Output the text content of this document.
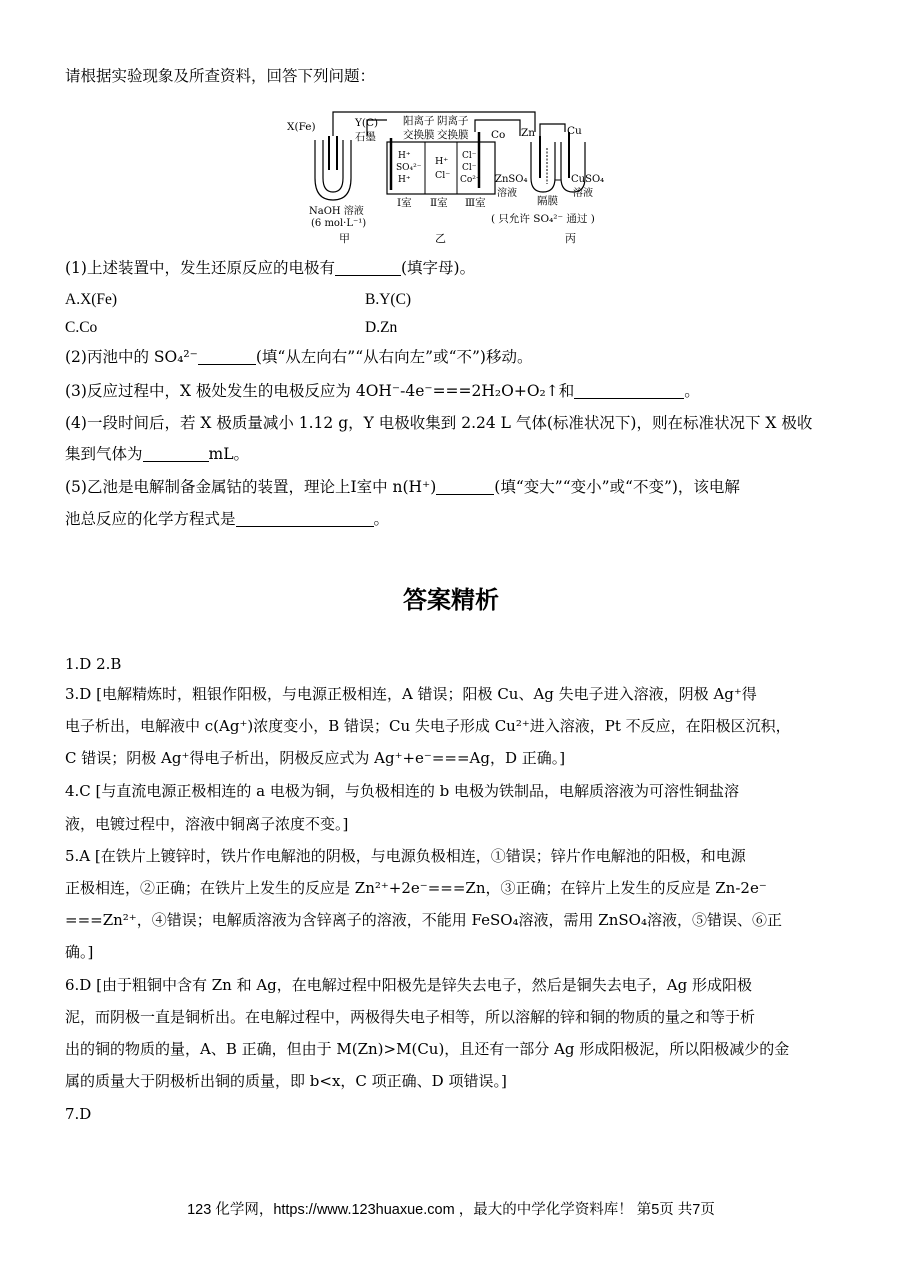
请根据实验现象及所查资料，回答下列问题：
X(Fe)	Y(C)
石墨
NaOH 溶液
(6 mol·L⁻¹)
甲
阳离子 阴离子
交换膜 交换膜
H⁺
SO₄²⁻
H⁺
H⁺
Cl⁻
Cl⁻
Cl⁻
Co²⁺
Ⅰ室 Ⅱ室 Ⅲ室
乙
Co Zn	Cu
ZnSO₄
溶液
隔膜
CuSO₄
溶液
( 只允许 SO₄²⁻ 通过 )
丙
(1)上述装置中，发生还原反应的电极有	(填字母)。
A.X(Fe)	B.Y(C)
C.Co	D.Zn
(2)丙池中的 SO₄²⁻	(填“从左向右”“从右向左”或“不”)移动。
(3)反应过程中，X 极处发生的电极反应为 4OH⁻-4e⁻===2H₂O+O₂↑和	。
(4)一段时间后，若 X 极质量减小 1.12 g，Y 电极收集到 2.24 L 气体(标准状况下)，则在标准状况下 X 极收
集到气体为	mL。
(5)乙池是电解制备金属钴的装置，理论上Ⅰ室中 n(H⁺)	(填“变大”“变小”或“不变”)，该电解
池总反应的化学方程式是	。
答案精析
1.D 2.B
3.D [电解精炼时，粗银作阳极，与电源正极相连，A 错误；阳极 Cu、Ag 失电子进入溶液，阴极 Ag⁺得
电子析出，电解液中 c(Ag⁺)浓度变小，B 错误；Cu 失电子形成 Cu²⁺进入溶液，Pt 不反应，在阳极区沉积，
C 错误；阴极 Ag⁺得电子析出，阴极反应式为 Ag⁺+e⁻===Ag，D 正确。]
4.C [与直流电源正极相连的 a 电极为铜，与负极相连的 b 电极为铁制品，电解质溶液为可溶性铜盐溶
液，电镀过程中，溶液中铜离子浓度不变。]
5.A [在铁片上镀锌时，铁片作电解池的阴极，与电源负极相连，①错误；锌片作电解池的阳极，和电源
正极相连，②正确；在铁片上发生的反应是 Zn²⁺+2e⁻===Zn，③正确；在锌片上发生的反应是 Zn-2e⁻
===Zn²⁺，④错误；电解质溶液为含锌离子的溶液，不能用 FeSO₄溶液，需用 ZnSO₄溶液，⑤错误、⑥正
确。]
6.D [由于粗铜中含有 Zn 和 Ag，在电解过程中阳极先是锌失去电子，然后是铜失去电子，Ag 形成阳极
泥，而阴极一直是铜析出。在电解过程中，两极得失电子相等，所以溶解的锌和铜的物质的量之和等于析
出的铜的物质的量，A、B 正确，但由于 M(Zn)>M(Cu)，且还有一部分 Ag 形成阳极泥，所以阳极减少的金
属的质量大于阴极析出铜的质量，即 b<x，C 项正确、D 项错误。]
7.D
123 化学网，https://www.123huaxue.com ，最大的中学化学资料库！ 第5页 共7页
